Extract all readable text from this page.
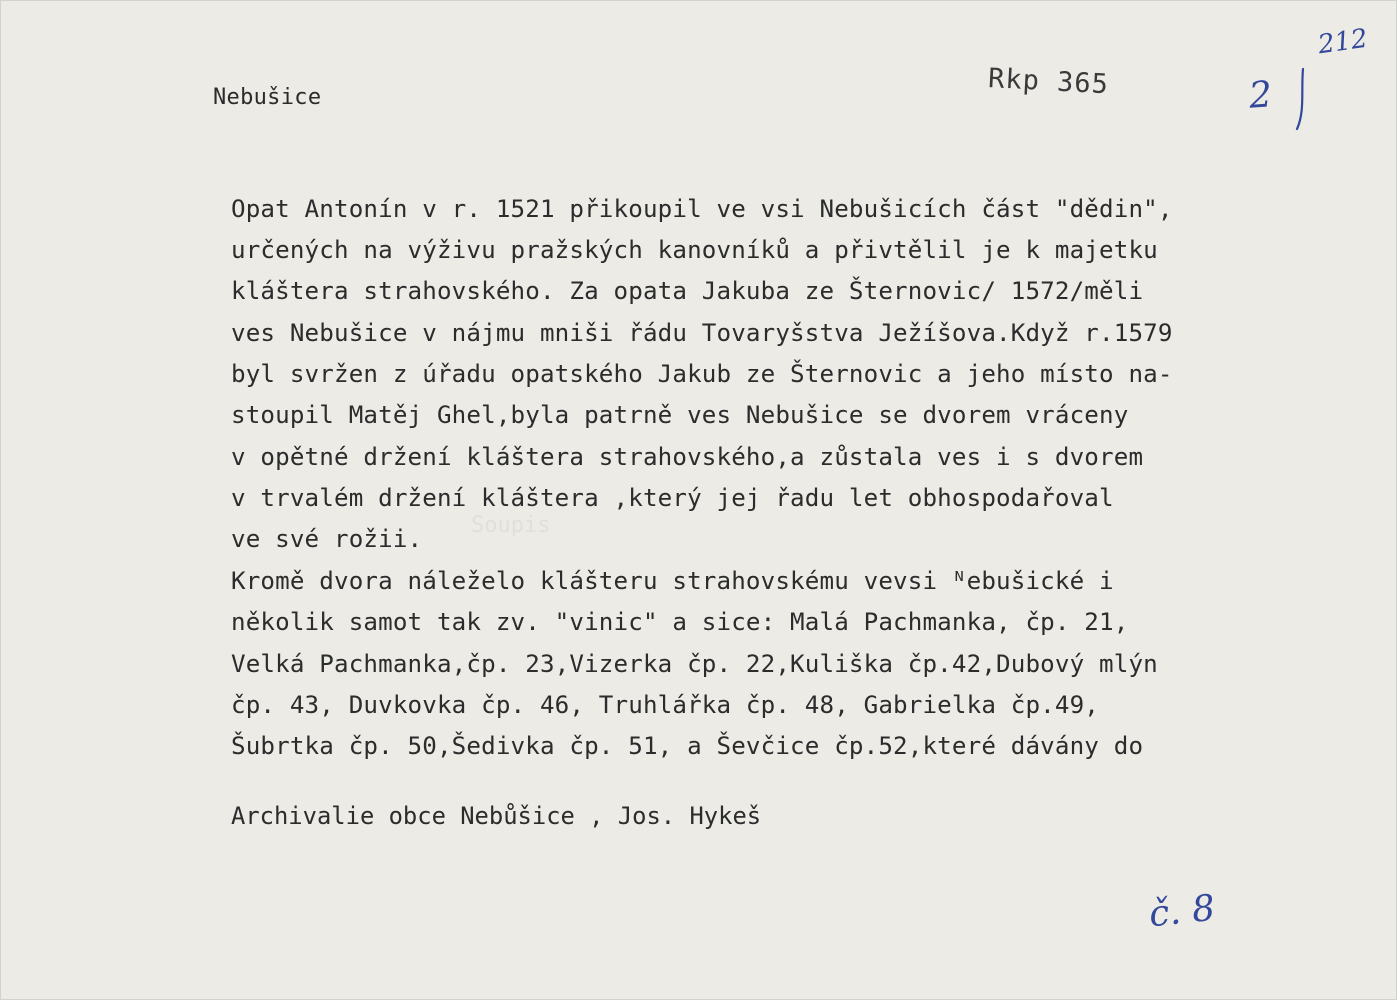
Soupis
Nebušice	Rkp 365
212
2
Opat Antonín v r. 1521 přikoupil ve vsi Nebušicích část "dědin",
určených na výživu pražských kanovníků a přivtělil je k majetku
kláštera strahovského. Za opata Jakuba ze Šternovic/ 1572/měli
ves Nebušice v nájmu mniši řádu Tovaryšstva Ježíšova.Když r.1579
byl svržen z úřadu opatského Jakub ze Šternovic a jeho místo na-
stoupil Matěj Ghel,byla patrně ves Nebušice se dvorem vráceny
v opětné držení kláštera strahovského,a zůstala ves i s dvorem
v trvalém držení kláštera ,který jej řadu let obhospodařoval
ve své rožii.
Kromě dvora náleželo klášteru strahovskému vevsi ᴺebušické i
několik samot tak zv. "vinic" a sice: Malá Pachmanka, čp. 21,
Velká Pachmanka,čp. 23,Vizerka čp. 22,Kuliška čp.42,Dubový mlýn
čp. 43, Duvkovka čp. 46, Truhlářka čp. 48, Gabrielka čp.49,
Šubrtka čp. 50,Šedivka čp. 51, a Ševčice čp.52,které dávány do
Archivalie obce Nebůšice , Jos. Hykeš
č. 8
